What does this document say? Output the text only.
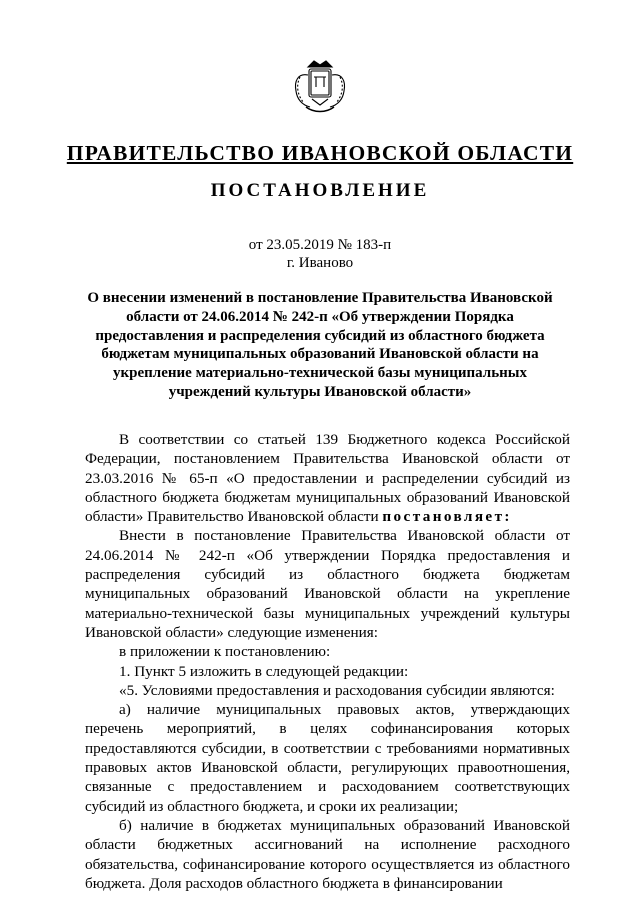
ПРАВИТЕЛЬСТВО ИВАНОВСКОЙ ОБЛАСТИ
ПОСТАНОВЛЕНИЕ
от 23.05.2019 № 183-п
г. Иваново

О внесении изменений в постановление Правительства Ивановской области от 24.06.2014 № 242-п «Об утверждении Порядка предоставления и распределения субсидий из областного бюджета бюджетам муниципальных образований Ивановской области на укрепление материально-технической базы муниципальных учреждений культуры Ивановской области»

В соответствии со статьей 139 Бюджетного кодекса Российской Федерации, постановлением Правительства Ивановской области от 23.03.2016 № 65-п «О предоставлении и распределении субсидий из областного бюджета бюджетам муниципальных образований Ивановской области» Правительство Ивановской области постановляет:

Внести в постановление Правительства Ивановской области от 24.06.2014 № 242-п «Об утверждении Порядка предоставления и распределения субсидий из областного бюджета бюджетам муниципальных образований Ивановской области на укрепление материально-технической базы муниципальных учреждений культуры Ивановской области» следующие изменения:

в приложении к постановлению:

1. Пункт 5 изложить в следующей редакции:

«5. Условиями предоставления и расходования субсидии являются:

а) наличие муниципальных правовых актов, утверждающих перечень мероприятий, в целях софинансирования которых предоставляются субсидии, в соответствии с требованиями нормативных правовых актов Ивановской области, регулирующих правоотношения, связанные с предоставлением и расходованием соответствующих субсидий из областного бюджета, и сроки их реализации;

б) наличие в бюджетах муниципальных образований Ивановской области бюджетных ассигнований на исполнение расходного обязательства, софинансирование которого осуществляется из областного бюджета. Доля расходов областного бюджета в финансировании
